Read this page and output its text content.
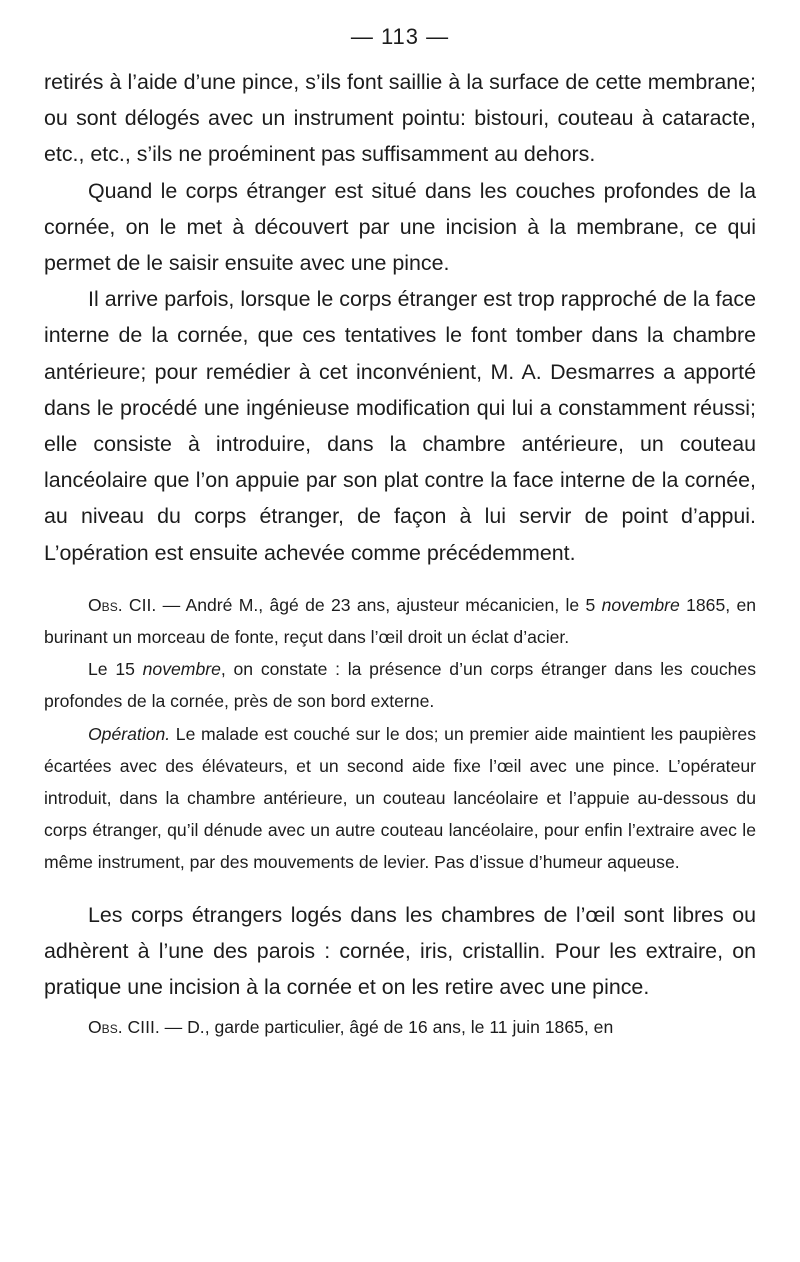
— 113 —

retirés à l’aide d’une pince, s’ils font saillie à la surface de cette membrane; ou sont délogés avec un instrument pointu: bistouri, couteau à cataracte, etc., etc., s’ils ne proéminent pas suffisamment au dehors.

Quand le corps étranger est situé dans les couches profondes de la cornée, on le met à découvert par une incision à la membrane, ce qui permet de le saisir ensuite avec une pince.

Il arrive parfois, lorsque le corps étranger est trop rapproché de la face interne de la cornée, que ces tentatives le font tomber dans la chambre antérieure; pour remédier à cet inconvénient, M. A. Desmarres a apporté dans le procédé une ingénieuse modification qui lui a constamment réussi; elle consiste à introduire, dans la chambre antérieure, un couteau lancéolaire que l’on appuie par son plat contre la face interne de la cornée, au niveau du corps étranger, de façon à lui servir de point d’appui. L’opération est ensuite achevée comme précédemment.

Obs. CII. — André M., âgé de 23 ans, ajusteur mécanicien, le 5 novembre 1865, en burinant un morceau de fonte, reçut dans l’œil droit un éclat d’acier.

Le 15 novembre, on constate : la présence d’un corps étranger dans les couches profondes de la cornée, près de son bord externe.

Opération. Le malade est couché sur le dos; un premier aide maintient les paupières écartées avec des élévateurs, et un second aide fixe l’œil avec une pince. L’opérateur introduit, dans la chambre antérieure, un couteau lancéolaire et l’appuie au-dessous du corps étranger, qu’il dénude avec un autre couteau lancéolaire, pour enfin l’extraire avec le même instrument, par des mouvements de levier. Pas d’issue d’humeur aqueuse.

Les corps étrangers logés dans les chambres de l’œil sont libres ou adhèrent à l’une des parois : cornée, iris, cristallin. Pour les extraire, on pratique une incision à la cornée et on les retire avec une pince.

Obs. CIII. — D., garde particulier, âgé de 16 ans, le 11 juin 1865, en
